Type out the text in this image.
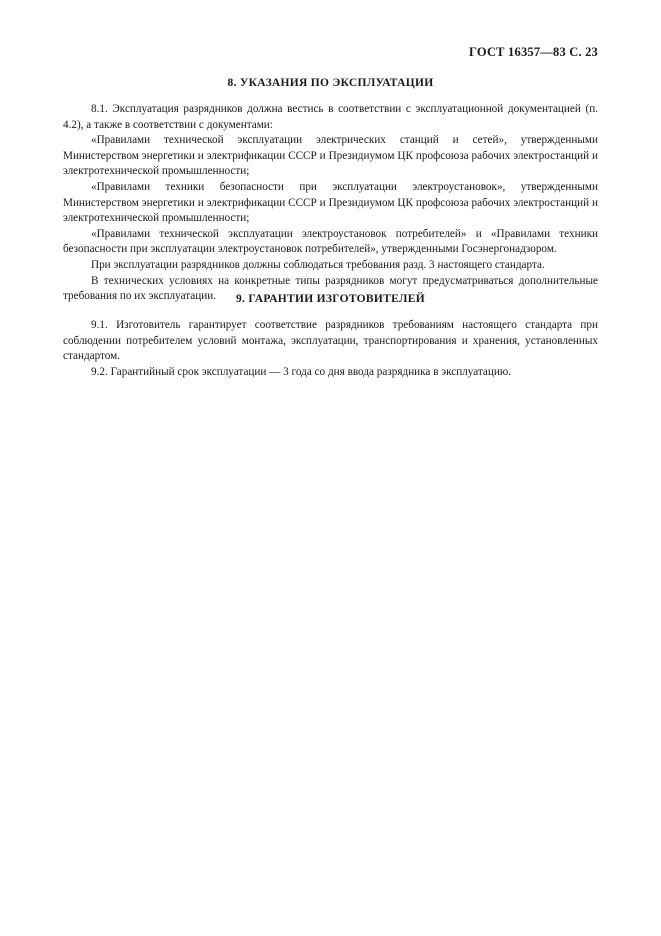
ГОСТ 16357—83 С. 23
8. УКАЗАНИЯ ПО ЭКСПЛУАТАЦИИ

8.1. Эксплуатация разрядников должна вестись в соответствии с эксплуатационной документацией (п. 4.2), а также в соответствии с документами:

«Правилами технической эксплуатации электрических станций и сетей», утвержденными Министерством энергетики и электрификации СССР и Президиумом ЦК профсоюза рабочих электростанций и электротехнической промышленности;

«Правилами техники безопасности при эксплуатации электроустановок», утвержденными Министерством энергетики и электрификации СССР и Президиумом ЦК профсоюза рабочих электростанций и электротехнической промышленности;

«Правилами технической эксплуатации электроустановок потребителей» и «Правилами техники безопасности при эксплуатации электроустановок потребителей», утвержденными Госэнергонадзором.

При эксплуатации разрядников должны соблюдаться требования разд. 3 настоящего стандарта.

В технических условиях на конкретные типы разрядников могут предусматриваться дополнительные требования по их эксплуатации.	9. ГАРАНТИИ ИЗГОТОВИТЕЛЕЙ

9.1. Изготовитель гарантирует соответствие разрядников требованиям настоящего стандарта при соблюдении потребителем условий монтажа, эксплуатации, транспортирования и хранения, установленных стандартом.

9.2. Гарантийный срок эксплуатации — 3 года со дня ввода разрядника в эксплуатацию.
